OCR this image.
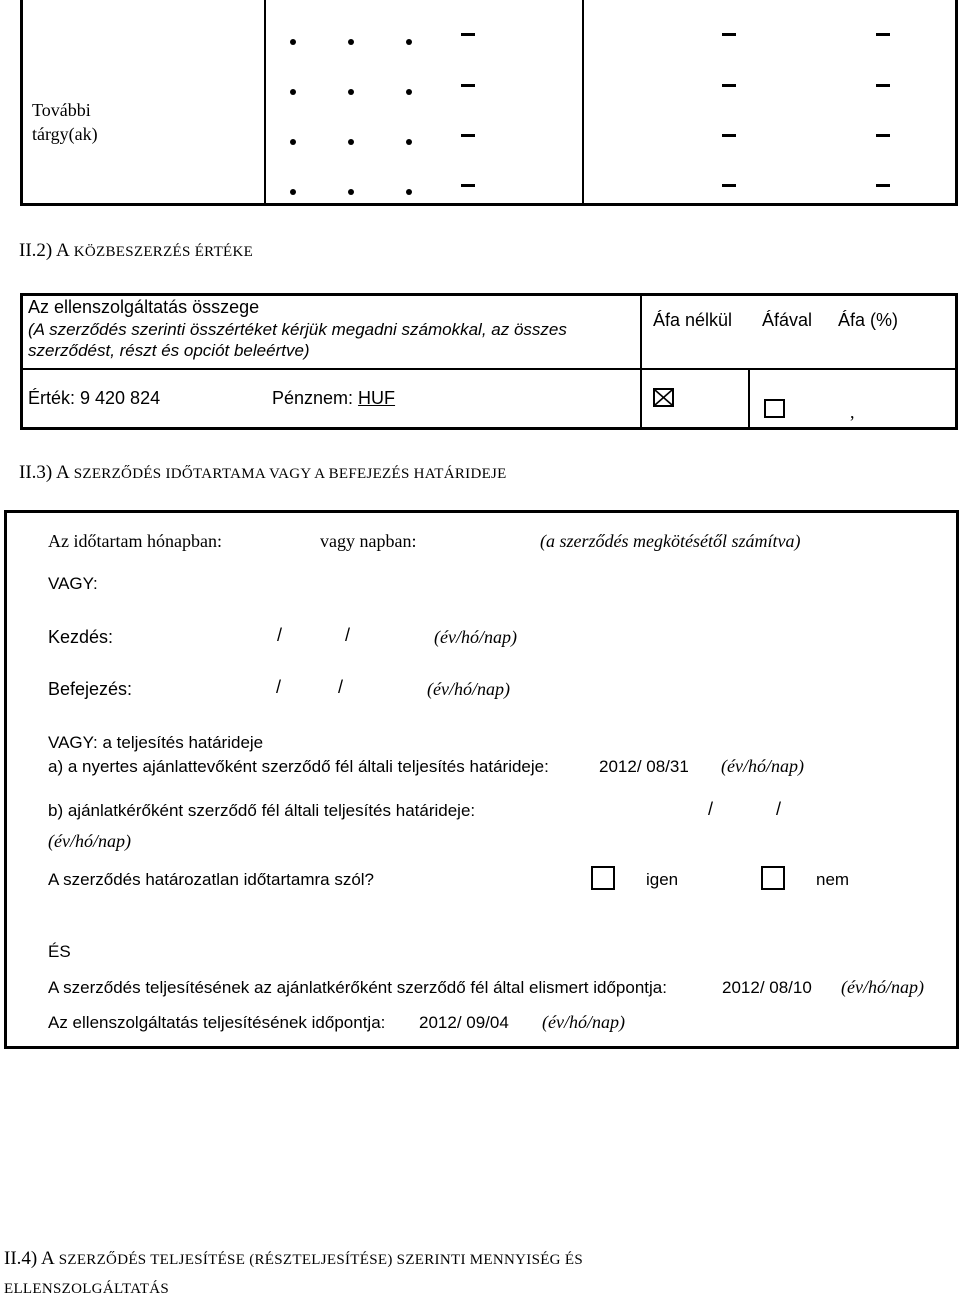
További
tárgy(ak)
II.2) A KÖZBESZERZÉS ÉRTÉKE
Az ellenszolgáltatás összege
(A szerződés szerinti összértéket kérjük megadni számokkal, az összes
szerződést, részt és opciót beleértve)
Áfa nélkül Áfával Áfa (%)
Érték: 9 420 824	Pénznem: HUF
,
II.3) A SZERZŐDÉS IDŐTARTAMA VAGY A BEFEJEZÉS HATÁRIDEJE
Az időtartam hónapban:	vagy napban:	(a szerződés megkötésétől számítva)
VAGY:
Kezdés:	/	/	(év/hó/nap)
Befejezés:	/	/	(év/hó/nap)
VAGY: a teljesítés határideje
a) a nyertes ajánlattevőként szerződő fél általi teljesítés határideje:	2012/ 08/31 (év/hó/nap)
b) ajánlatkérőként szerződő fél általi teljesítés határideje:	/	/
(év/hó/nap)
A szerződés határozatlan időtartamra szól?	igen	nem
ÉS
A szerződés teljesítésének az ajánlatkérőként szerződő fél által elismert időpontja:	2012/ 08/10 (év/hó/nap)
Az ellenszolgáltatás teljesítésének időpontja: 2012/ 09/04 (év/hó/nap)
II.4) A SZERZŐDÉS TELJESÍTÉSE (RÉSZTELJESÍTÉSE) SZERINTI MENNYISÉG ÉS
ELLENSZOLGÁLTATÁS
